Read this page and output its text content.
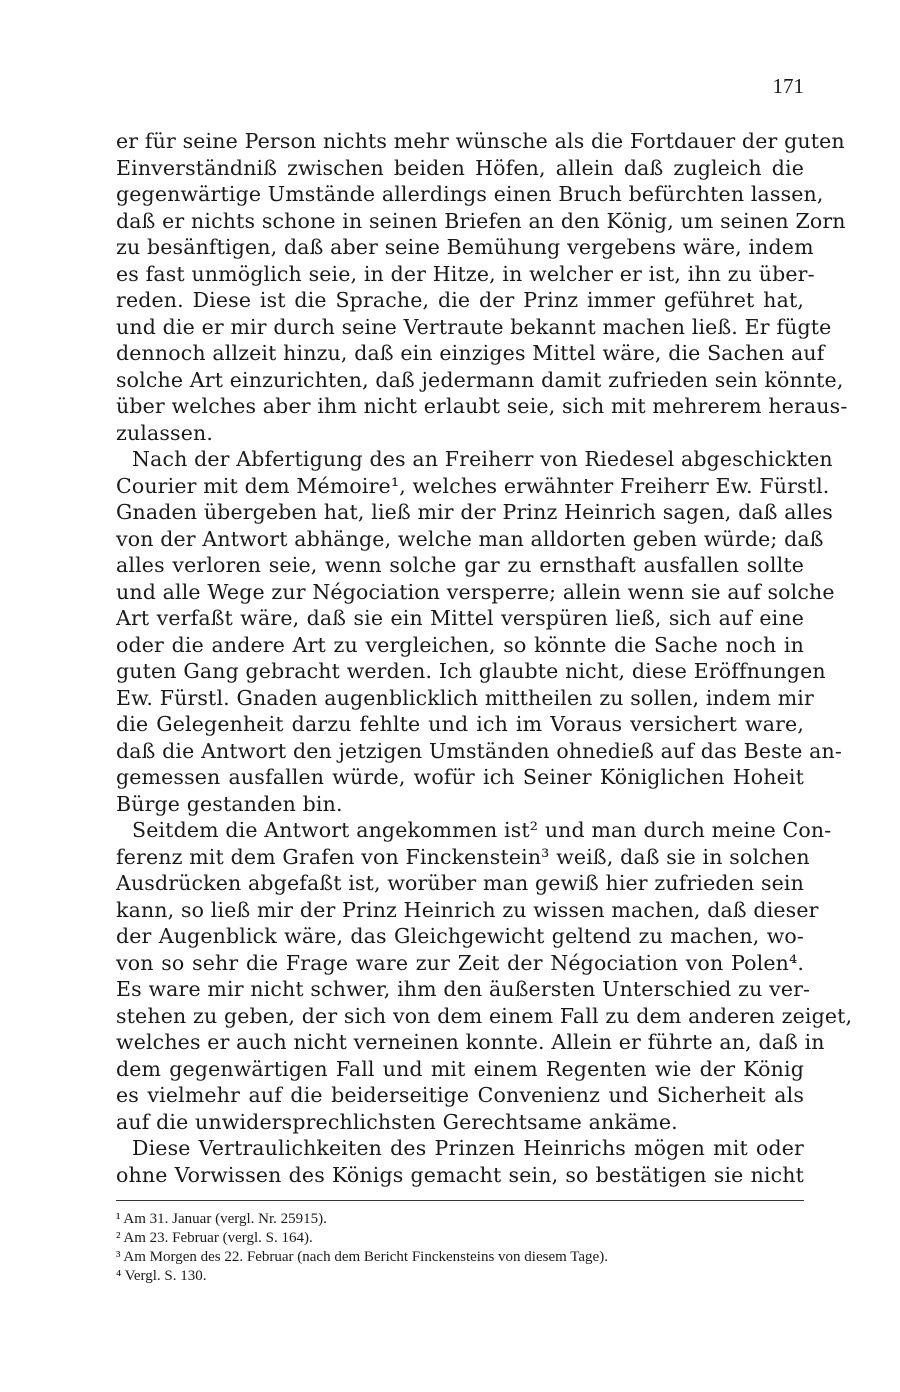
171
er für seine Person nichts mehr wünsche als die Fortdauer der guten
Einverständniß zwischen beiden Höfen, allein daß zugleich die
gegenwärtige Umstände allerdings einen Bruch befürchten lassen,
daß er nichts schone in seinen Briefen an den König, um seinen Zorn
zu besänftigen, daß aber seine Bemühung vergebens wäre, indem
es fast unmöglich seie, in der Hitze, in welcher er ist, ihn zu über-
reden. Diese ist die Sprache, die der Prinz immer geführet hat,
und die er mir durch seine Vertraute bekannt machen ließ. Er fügte
dennoch allzeit hinzu, daß ein einziges Mittel wäre, die Sachen auf
solche Art einzurichten, daß jedermann damit zufrieden sein könnte,
über welches aber ihm nicht erlaubt seie, sich mit mehrerem heraus-
zulassen.
Nach der Abfertigung des an Freiherr von Riedesel abgeschickten
Courier mit dem Mémoire¹, welches erwähnter Freiherr Ew. Fürstl.
Gnaden übergeben hat, ließ mir der Prinz Heinrich sagen, daß alles
von der Antwort abhänge, welche man alldorten geben würde; daß
alles verloren seie, wenn solche gar zu ernsthaft ausfallen sollte
und alle Wege zur Négociation versperre; allein wenn sie auf solche
Art verfaßt wäre, daß sie ein Mittel verspüren ließ, sich auf eine
oder die andere Art zu vergleichen, so könnte die Sache noch in
guten Gang gebracht werden. Ich glaubte nicht, diese Eröffnungen
Ew. Fürstl. Gnaden augenblicklich mittheilen zu sollen, indem mir
die Gelegenheit darzu fehlte und ich im Voraus versichert ware,
daß die Antwort den jetzigen Umständen ohnedieß auf das Beste an-
gemessen ausfallen würde, wofür ich Seiner Königlichen Hoheit
Bürge gestanden bin.
Seitdem die Antwort angekommen ist² und man durch meine Con-
ferenz mit dem Grafen von Finckenstein³ weiß, daß sie in solchen
Ausdrücken abgefaßt ist, worüber man gewiß hier zufrieden sein
kann, so ließ mir der Prinz Heinrich zu wissen machen, daß dieser
der Augenblick wäre, das Gleichgewicht geltend zu machen, wo-
von so sehr die Frage ware zur Zeit der Négociation von Polen⁴.
Es ware mir nicht schwer, ihm den äußersten Unterschied zu ver-
stehen zu geben, der sich von dem einem Fall zu dem anderen zeiget,
welches er auch nicht verneinen konnte. Allein er führte an, daß in
dem gegenwärtigen Fall und mit einem Regenten wie der König
es vielmehr auf die beiderseitige Convenienz und Sicherheit als
auf die unwidersprechlichsten Gerechtsame ankäme.
Diese Vertraulichkeiten des Prinzen Heinrichs mögen mit oder
ohne Vorwissen des Königs gemacht sein, so bestätigen sie nicht
¹ Am 31. Januar (vergl. Nr. 25915).
² Am 23. Februar (vergl. S. 164).
³ Am Morgen des 22. Februar (nach dem Bericht Finckensteins von diesem Tage).
⁴ Vergl. S. 130.
